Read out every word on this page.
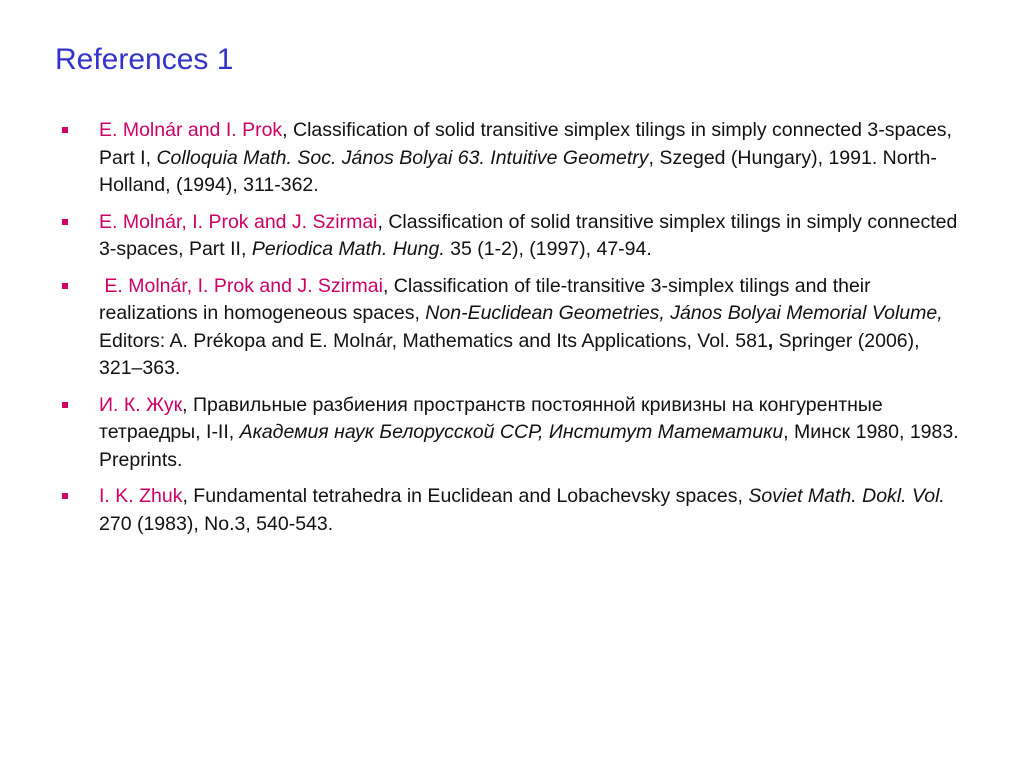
References 1
E. Molnár and I. Prok, Classification of solid transitive simplex tilings in simply connected 3-spaces, Part I, Colloquia Math. Soc. János Bolyai 63. Intuitive Geometry, Szeged (Hungary), 1991. North-Holland, (1994), 311-362.
E. Molnár, I. Prok and J. Szirmai, Classification of solid transitive simplex tilings in simply connected 3-spaces, Part II, Periodica Math. Hung. 35 (1-2), (1997), 47-94.
E. Molnár, I. Prok and J. Szirmai, Classification of tile-transitive 3-simplex tilings and their realizations in homogeneous spaces, Non-Euclidean Geometries, János Bolyai Memorial Volume, Editors: A. Prékopa and E. Molnár, Mathematics and Its Applications, Vol. 581, Springer (2006), 321–363.
И. К. Жук, Правильные разбиения пространств постоянной кривизны на конгурентные тетраедры, I-II, Академия наук Белорусской ССР, Институт Математики, Минск 1980, 1983. Preprints.
I. K. Zhuk, Fundamental tetrahedra in Euclidean and Lobachevsky spaces, Soviet Math. Dokl. Vol. 270 (1983), No.3, 540-543.
